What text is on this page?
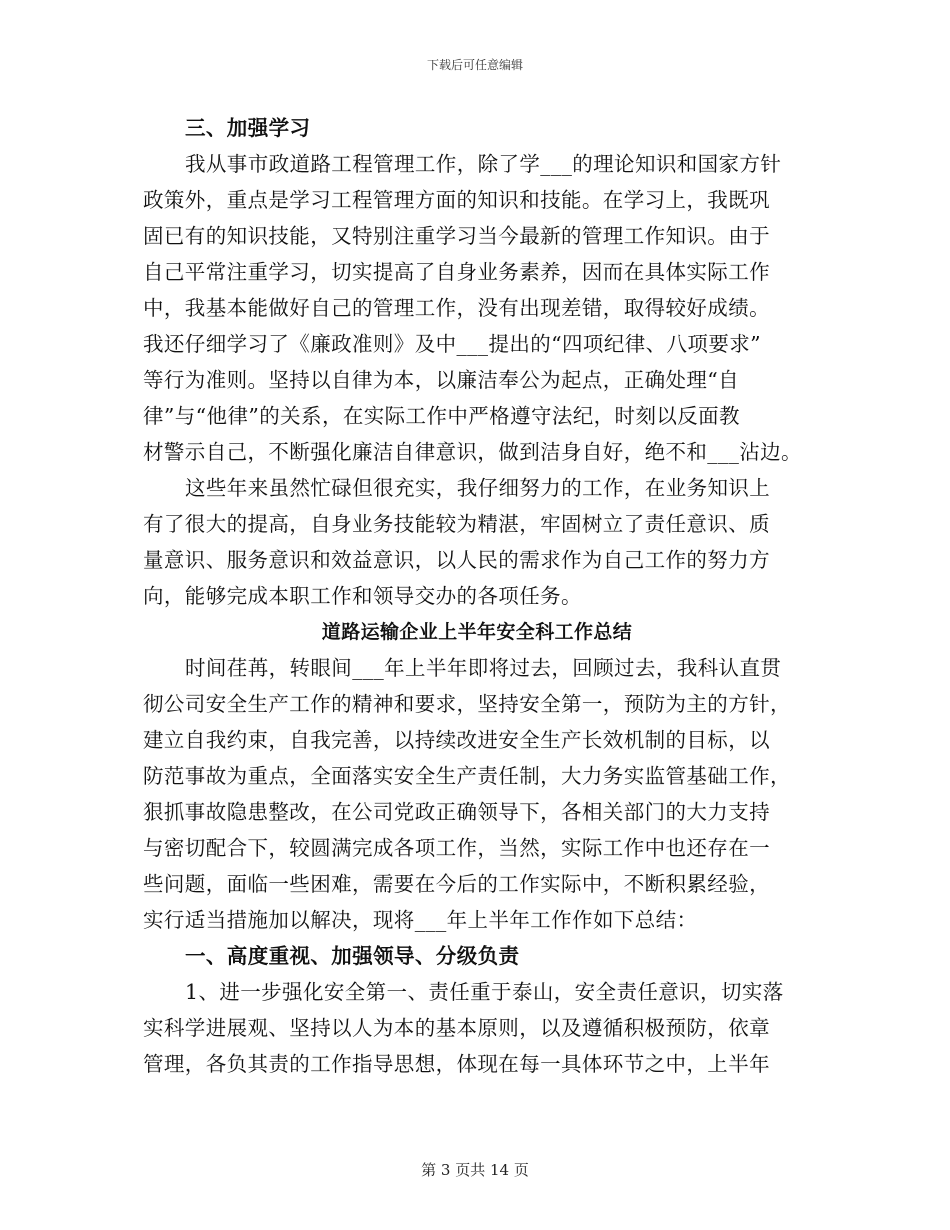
下载后可任意编辑
三、加强学习
我从事市政道路工程管理工作，除了学___的理论知识和国家方针
政策外，重点是学习工程管理方面的知识和技能。在学习上，我既巩
固已有的知识技能，又特别注重学习当今最新的管理工作知识。由于
自己平常注重学习，切实提高了自身业务素养，因而在具体实际工作
中，我基本能做好自己的管理工作，没有出现差错，取得较好成绩。
我还仔细学习了《廉政准则》及中___提出的“四项纪律、八项要求”
等行为准则。坚持以自律为本，以廉洁奉公为起点，正确处理“自
律”与“他律”的关系，在实际工作中严格遵守法纪，时刻以反面教
材警示自己，不断强化廉洁自律意识，做到洁身自好，绝不和___沾边。
这些年来虽然忙碌但很充实，我仔细努力的工作，在业务知识上
有了很大的提高，自身业务技能较为精湛，牢固树立了责任意识、质
量意识、服务意识和效益意识，以人民的需求作为自己工作的努力方
向，能够完成本职工作和领导交办的各项任务。
道路运输企业上半年安全科工作总结
时间荏苒，转眼间___年上半年即将过去，回顾过去，我科认直贯
彻公司安全生产工作的精神和要求，坚持安全第一，预防为主的方针，
建立自我约束，自我完善，以持续改进安全生产长效机制的目标，以
防范事故为重点，全面落实安全生产责任制，大力务实监管基础工作，
狠抓事故隐患整改，在公司党政正确领导下，各相关部门的大力支持
与密切配合下，较圆满完成各项工作，当然，实际工作中也还存在一
些问题，面临一些困难，需要在今后的工作实际中，不断积累经验，
实行适当措施加以解决，现将___年上半年工作作如下总结：
一、高度重视、加强领导、分级负责
1、进一步强化安全第一、责任重于泰山，安全责任意识，切实落
实科学进展观、坚持以人为本的基本原则，以及遵循积极预防，依章
管理，各负其责的工作指导思想，体现在每一具体环节之中，上半年
第 3 页共 14 页
